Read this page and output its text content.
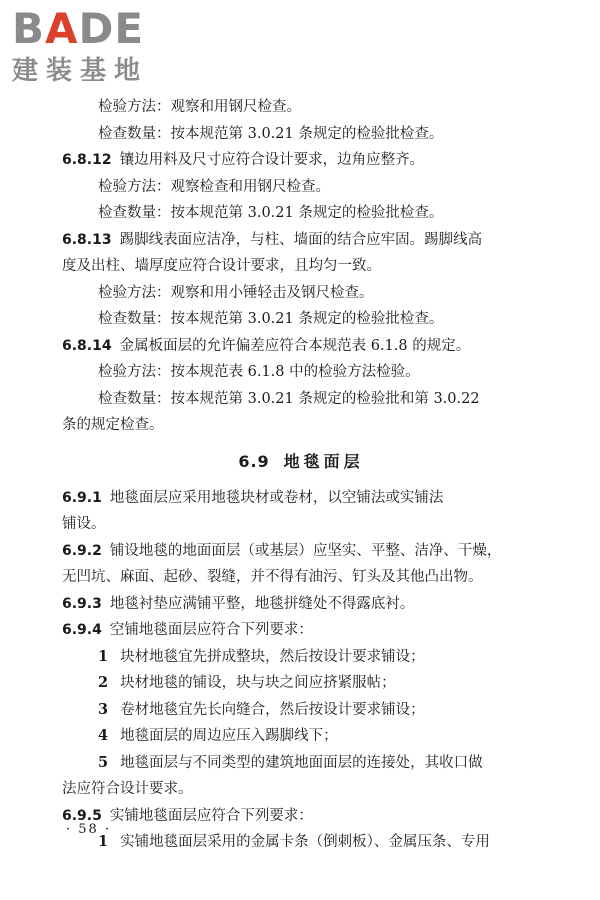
BADE
建装基地
检验方法：观察和用钢尺检查。
检查数量：按本规范第 3.0.21 条规定的检验批检查。
6.8.12 镶边用料及尺寸应符合设计要求，边角应整齐。
检验方法：观察检查和用钢尺检查。
检查数量：按本规范第 3.0.21 条规定的检验批检查。
6.8.13 踢脚线表面应洁净，与柱、墙面的结合应牢固。踢脚线高
度及出柱、墙厚度应符合设计要求，且均匀一致。
检验方法：观察和用小锤轻击及钢尺检查。
检查数量：按本规范第 3.0.21 条规定的检验批检查。
6.8.14 金属板面层的允许偏差应符合本规范表 6.1.8 的规定。
检验方法：按本规范表 6.1.8 中的检验方法检验。
检查数量：按本规范第 3.0.21 条规定的检验批和第 3.0.22
条的规定检查。
6.9 地毯面层
6.9.1 地毯面层应采用地毯块材或卷材，以空铺法或实铺法
铺设。
6.9.2 铺设地毯的地面面层（或基层）应坚实、平整、洁净、干燥，
无凹坑、麻面、起砂、裂缝，并不得有油污、钉头及其他凸出物。
6.9.3 地毯衬垫应满铺平整，地毯拼缝处不得露底衬。
6.9.4 空铺地毯面层应符合下列要求：
1 块材地毯宜先拼成整块，然后按设计要求铺设；
2 块材地毯的铺设，块与块之间应挤紧服帖；
3 卷材地毯宜先长向缝合，然后按设计要求铺设；
4 地毯面层的周边应压入踢脚线下；
5 地毯面层与不同类型的建筑地面面层的连接处，其收口做
法应符合设计要求。
6.9.5 实铺地毯面层应符合下列要求：
1 实铺地毯面层采用的金属卡条（倒刺板）、金属压条、专用
· 58 ·
